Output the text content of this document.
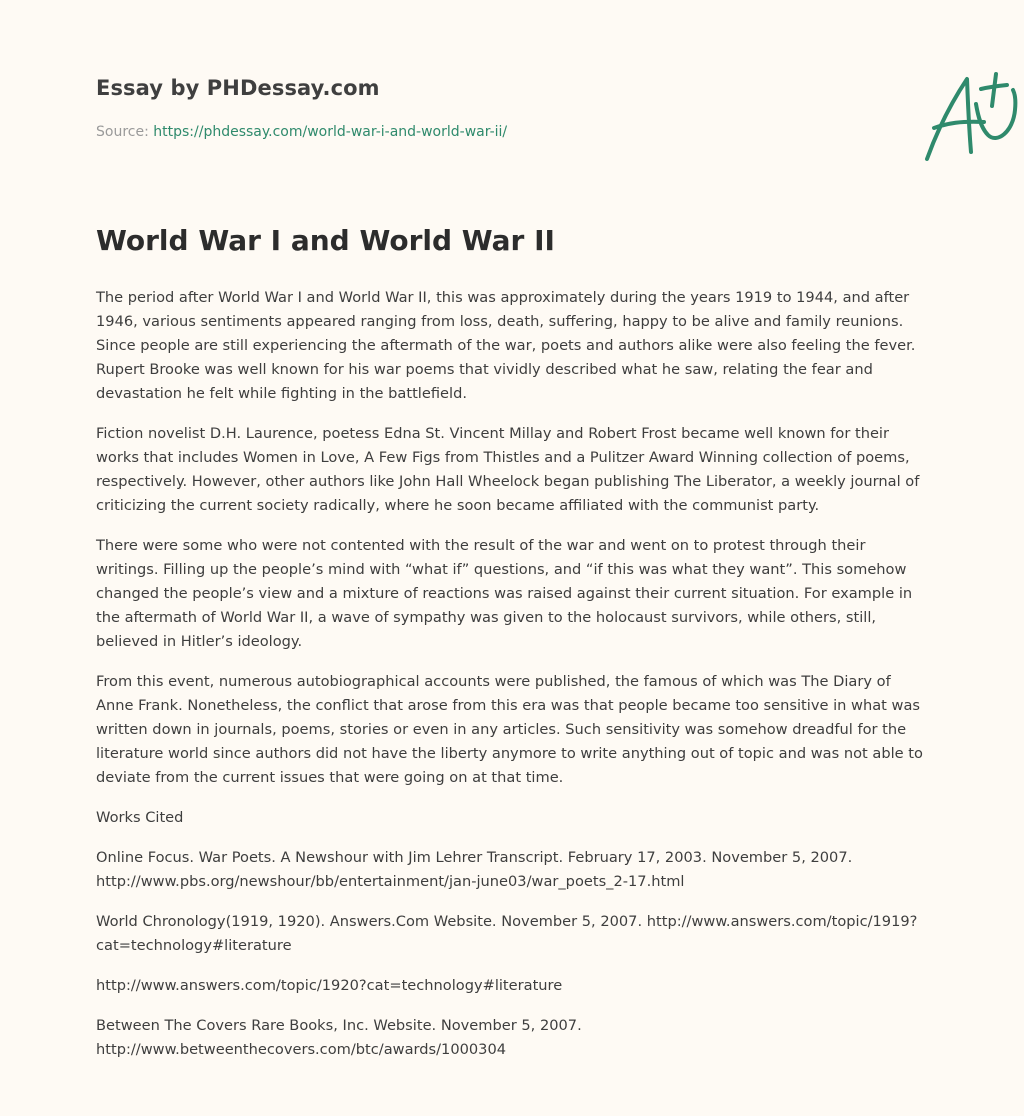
Essay by PHDessay.com
Source: https://phdessay.com/world-war-i-and-world-war-ii/
World War I and World War II

The period after World War I and World War II, this was approximately during the years 1919 to 1944, and after 1946, various sentiments appeared ranging from loss, death, suffering, happy to be alive and family reunions. Since people are still experiencing the aftermath of the war, poets and authors alike were also feeling the fever. Rupert Brooke was well known for his war poems that vividly described what he saw, relating the fear and devastation he felt while fighting in the battlefield.

Fiction novelist D.H. Laurence, poetess Edna St. Vincent Millay and Robert Frost became well known for their works that includes Women in Love, A Few Figs from Thistles and a Pulitzer Award Winning collection of poems, respectively. However, other authors like John Hall Wheelock began publishing The Liberator, a weekly journal of criticizing the current society radically, where he soon became affiliated with the communist party.

There were some who were not contented with the result of the war and went on to protest through their writings. Filling up the people’s mind with “what if” questions, and “if this was what they want”. This somehow changed the people’s view and a mixture of reactions was raised against their current situation. For example in the aftermath of World War II, a wave of sympathy was given to the holocaust survivors, while others, still, believed in Hitler’s ideology.

From this event, numerous autobiographical accounts were published, the famous of which was The Diary of Anne Frank. Nonetheless, the conflict that arose from this era was that people became too sensitive in what was written down in journals, poems, stories or even in any articles. Such sensitivity was somehow dreadful for the literature world since authors did not have the liberty anymore to write anything out of topic and was not able to deviate from the current issues that were going on at that time.

Works Cited

Online Focus. War Poets. A Newshour with Jim Lehrer Transcript. February 17, 2003. November 5, 2007. http://www.pbs.org/newshour/bb/entertainment/jan-june03/war_poets_2-17.html

World Chronology(1919, 1920). Answers.Com Website. November 5, 2007. http://www.answers.com/topic/1919?cat=technology#literature

http://www.answers.com/topic/1920?cat=technology#literature

Between The Covers Rare Books, Inc. Website. November 5, 2007. http://www.betweenthecovers.com/btc/awards/1000304
